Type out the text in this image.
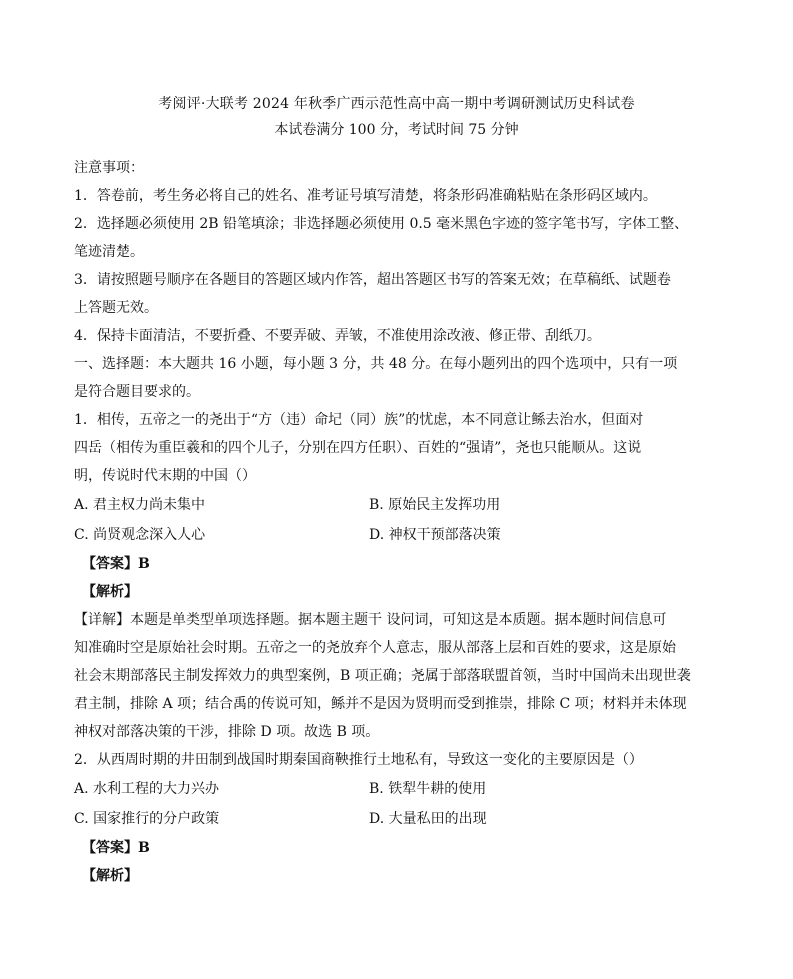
考阅评·大联考 2024 年秋季广西示范性高中高一期中考调研测试历史科试卷

本试卷满分 100 分，考试时间 75 分钟

注意事项：

1．答卷前，考生务必将自己的姓名、准考证号填写清楚，将条形码准确粘贴在条形码区域内。

2．选择题必须使用 2B 铅笔填涂；非选择题必须使用 0.5 毫米黑色字迹的签字笔书写，字体工整、

笔迹清楚。

3．请按照题号顺序在各题目的答题区域内作答，超出答题区书写的答案无效；在草稿纸、试题卷

上答题无效。

4．保持卡面清洁，不要折叠、不要弄破、弄皱，不准使用涂改液、修正带、刮纸刀。

一、选择题：本大题共 16 小题，每小题 3 分，共 48 分。在每小题列出的四个选项中，只有一项

是符合题目要求的。

1．相传，五帝之一的尧出于“方（违）命圮（同）族”的忧虑，本不同意让鲧去治水，但面对

四岳（相传为重臣羲和的四个儿子，分别在四方任职）、百姓的“强请”，尧也只能顺从。这说

明，传说时代末期的中国（）

A. 君主权力尚未集中	B. 原始民主发挥功用
C. 尚贤观念深入人心	D. 神权干预部落决策

【答案】B

【解析】

【详解】本题是单类型单项选择题。据本题主题干 设问词，可知这是本质题。据本题时间信息可

知准确时空是原始社会时期。五帝之一的尧放弃个人意志，服从部落上层和百姓的要求，这是原始

社会末期部落民主制发挥效力的典型案例，B 项正确；尧属于部落联盟首领，当时中国尚未出现世袭

君主制，排除 A 项；结合禹的传说可知，鲧并不是因为贤明而受到推崇，排除 C 项；材料并未体现

神权对部落决策的干涉，排除 D 项。故选 B 项。

2．从西周时期的井田制到战国时期秦国商鞅推行土地私有，导致这一变化的主要原因是（）

A. 水利工程的大力兴办	B. 铁犁牛耕的使用
C. 国家推行的分户政策	D. 大量私田的出现

【答案】B

【解析】
